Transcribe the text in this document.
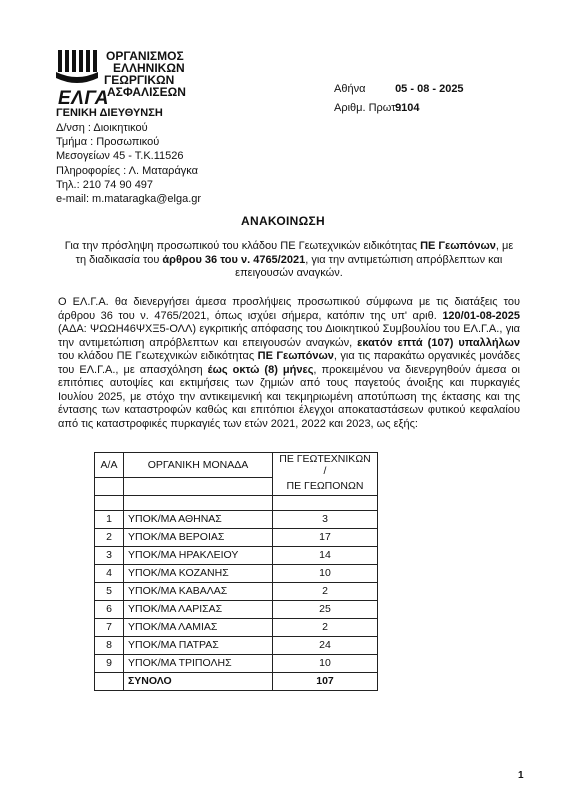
ΟΡΓΑΝΙΣΜΟΣ
ΕΛΛΗΝΙΚΩΝ
ΓΕΩΡΓΙΚΩΝ
ΑΣΦΑΛΙΣΕΩΝ
ΕΛΓΑ
ΓΕΝΙΚΗ ΔΙΕΥΘΥΝΣΗ
Δ/νση : Διοικητικού
Τμήμα : Προσωπικού
Μεσογείων 45 - Τ.Κ.11526
Πληροφορίες : Λ. Ματαράγκα
Τηλ.: 210 74 90 497
e-mail: m.mataragka@elga.gr
Αθήνα	05 - 08 - 2025
Αριθμ. Πρωτ.: 9104
ΑΝΑΚΟΙΝΩΣΗ
Για την πρόσληψη προσωπικού του κλάδου ΠΕ Γεωτεχνικών ειδικότητας ΠΕ Γεωπόνων, με τη διαδικασία του άρθρου 36 του ν. 4765/2021, για την αντιμετώπιση απρόβλεπτων και επειγουσών αναγκών.
Ο ΕΛ.Γ.Α. θα διενεργήσει άμεσα προσλήψεις προσωπικού σύμφωνα με τις διατάξεις του άρθρου 36 του ν. 4765/2021, όπως ισχύει σήμερα, κατόπιν της υπ' αριθ. 120/01-08-2025 (ΑΔΑ: ΨΩΩΗ46ΨΧΞ5-ΟΛΛ) εγκριτικής απόφασης του Διοικητικού Συμβουλίου του ΕΛ.Γ.Α., για την αντιμετώπιση απρόβλεπτων και επειγουσών αναγκών, εκατόν επτά (107) υπαλλήλων του κλάδου ΠΕ Γεωτεχνικών ειδικότητας ΠΕ Γεωπόνων, για τις παρακάτω οργανικές μονάδες του ΕΛ.Γ.Α., με απασχόληση έως οκτώ (8) μήνες, προκειμένου να διενεργηθούν άμεσα οι επιτόπιες αυτοψίες και εκτιμήσεις των ζημιών από τους παγετούς άνοιξης και πυρκαγιές Ιουλίου 2025, με στόχο την αντικειμενική και τεκμηριωμένη αποτύπωση της έκτασης και της έντασης των καταστροφών καθώς και επιτόπιοι έλεγχοι αποκαταστάσεων φυτικού κεφαλαίου από τις καταστροφικές πυρκαγιές των ετών 2021, 2022 και 2023, ως εξής:
Α/Α	ΟΡΓΑΝΙΚΗ ΜΟΝΑΔΑ	ΠΕ ΓΕΩΤΕΧΝΙΚΩΝ /
		ΠΕ ΓΕΩΠΟΝΩΝ

1	ΥΠΟΚ/ΜΑ ΑΘΗΝΑΣ	3
2	ΥΠΟΚ/ΜΑ ΒΕΡΟΙΑΣ	17
3	ΥΠΟΚ/ΜΑ ΗΡΑΚΛΕΙΟΥ	14
4	ΥΠΟΚ/ΜΑ ΚΟΖΑΝΗΣ	10
5	ΥΠΟΚ/ΜΑ ΚΑΒΑΛΑΣ	2
6	ΥΠΟΚ/ΜΑ ΛΑΡΙΣΑΣ	25
7	ΥΠΟΚ/ΜΑ ΛΑΜΙΑΣ	2
8	ΥΠΟΚ/ΜΑ ΠΑΤΡΑΣ	24
9	ΥΠΟΚ/ΜΑ ΤΡΙΠΟΛΗΣ	10
	ΣΥΝΟΛΟ	107
1
